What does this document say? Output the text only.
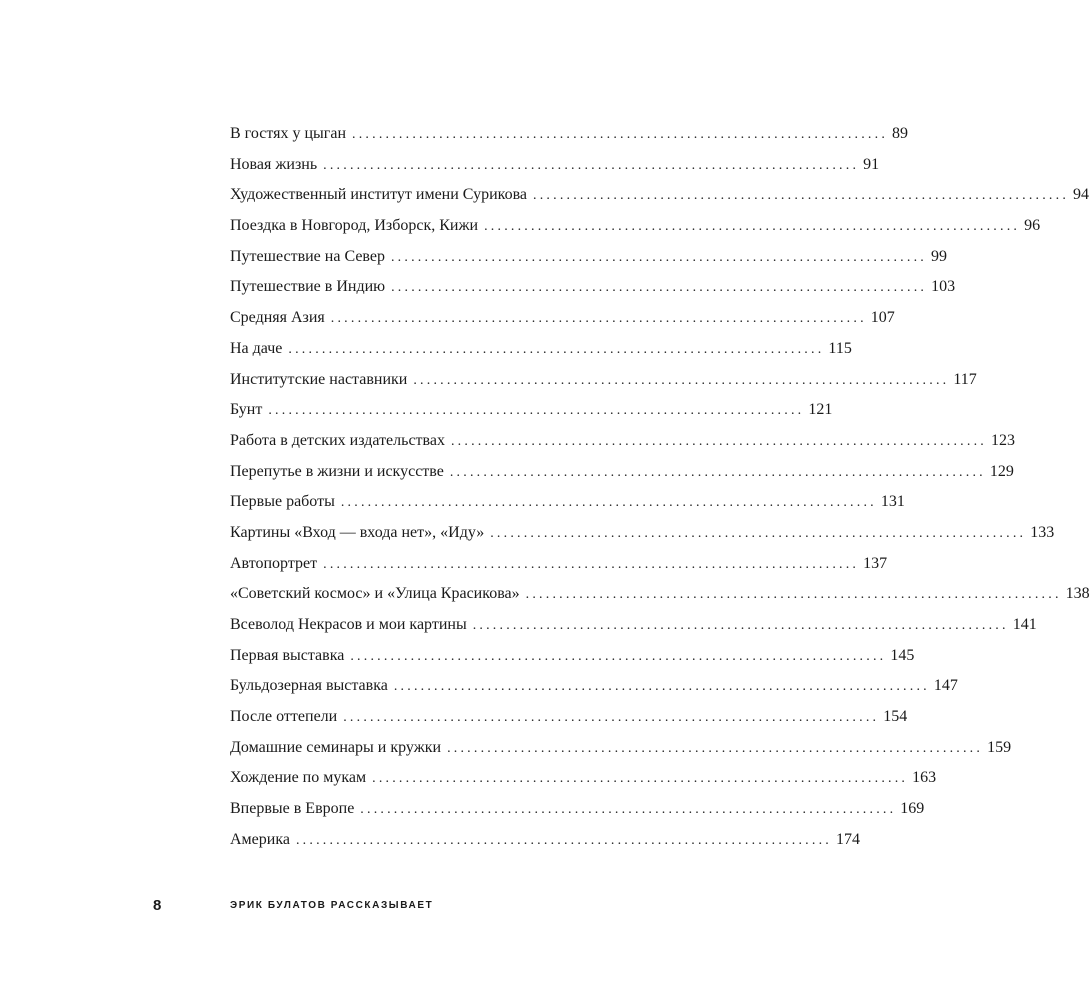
В гостях у цыган ................................................................................ 89
Новая жизнь ................................................................................ 91
Художественный институт имени Сурикова ................................................................................ 94
Поездка в Новгород, Изборск, Кижи ................................................................................ 96
Путешествие на Север ................................................................................ 99
Путешествие в Индию ................................................................................ 103
Средняя Азия ................................................................................ 107
На даче ................................................................................ 115
Институтские наставники ................................................................................ 117
Бунт ................................................................................ 121
Работа в детских издательствах ................................................................................ 123
Перепутье в жизни и искусстве ................................................................................ 129
Первые работы ................................................................................ 131
Картины «Вход — входа нет», «Иду» ................................................................................ 133
Автопортрет ................................................................................ 137
«Советский космос» и «Улица Красикова» ................................................................................ 138
Всеволод Некрасов и мои картины ................................................................................ 141
Первая выставка ................................................................................ 145
Бульдозерная выставка ................................................................................ 147
После оттепели ................................................................................ 154
Домашние семинары и кружки ................................................................................ 159
Хождение по мукам ................................................................................ 163
Впервые в Европе ................................................................................ 169
Америка ................................................................................ 174
8	ЭРИК БУЛАТОВ РАССКАЗЫВАЕТ
